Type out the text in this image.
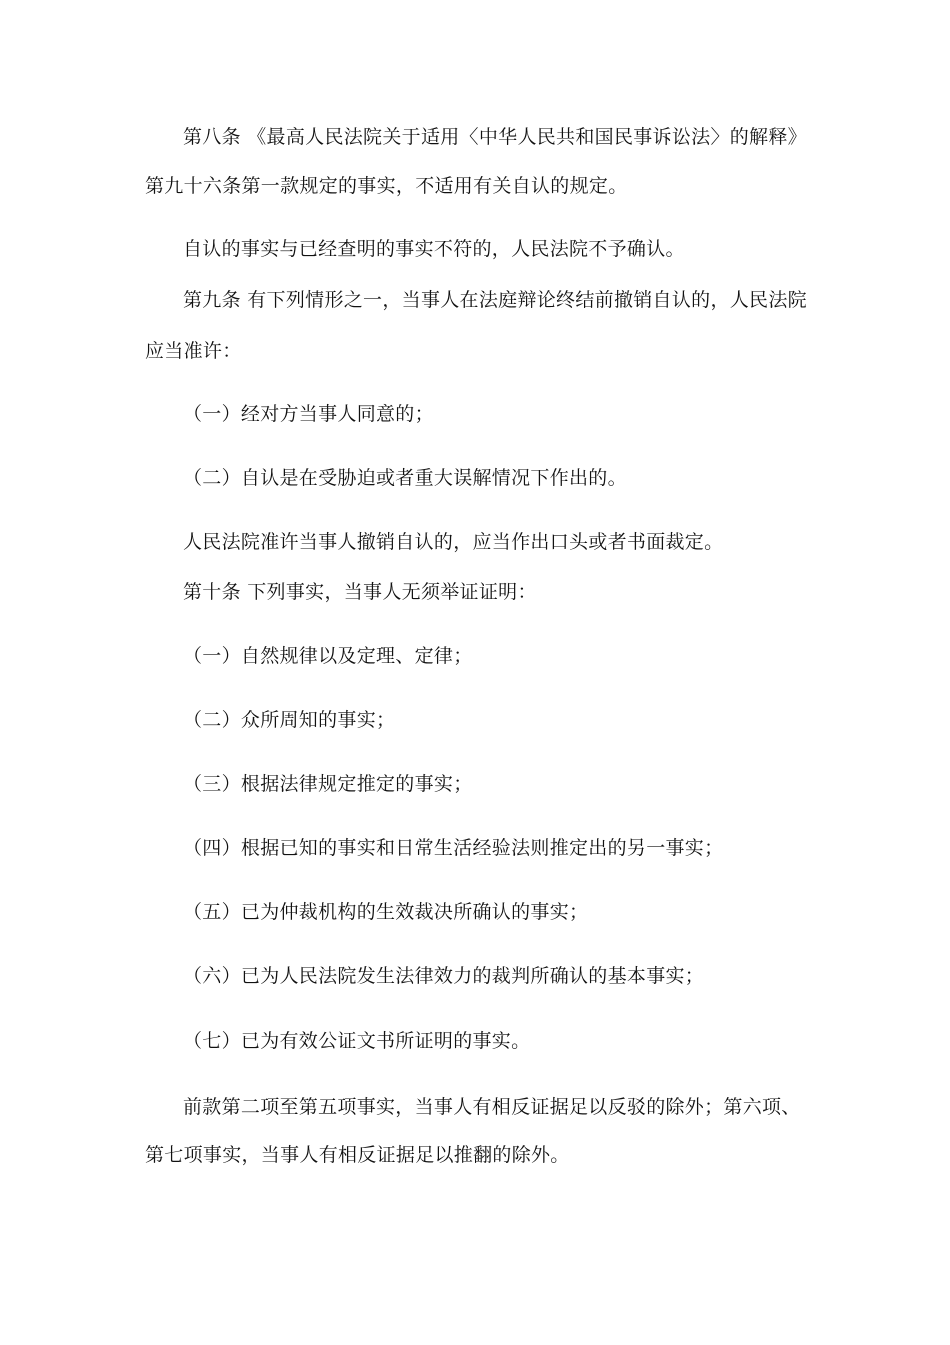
第八条 《最高人民法院关于适用〈中华人民共和国民事诉讼法〉的解释》
第九十六条第一款规定的事实，不适用有关自认的规定。
自认的事实与已经查明的事实不符的，人民法院不予确认。
第九条 有下列情形之一，当事人在法庭辩论终结前撤销自认的，人民法院
应当准许：
（一）经对方当事人同意的；
（二）自认是在受胁迫或者重大误解情况下作出的。
人民法院准许当事人撤销自认的，应当作出口头或者书面裁定。
第十条 下列事实，当事人无须举证证明：
（一）自然规律以及定理、定律；
（二）众所周知的事实；
（三）根据法律规定推定的事实；
（四）根据已知的事实和日常生活经验法则推定出的另一事实；
（五）已为仲裁机构的生效裁决所确认的事实；
（六）已为人民法院发生法律效力的裁判所确认的基本事实；
（七）已为有效公证文书所证明的事实。
前款第二项至第五项事实，当事人有相反证据足以反驳的除外；第六项、
第七项事实，当事人有相反证据足以推翻的除外。
